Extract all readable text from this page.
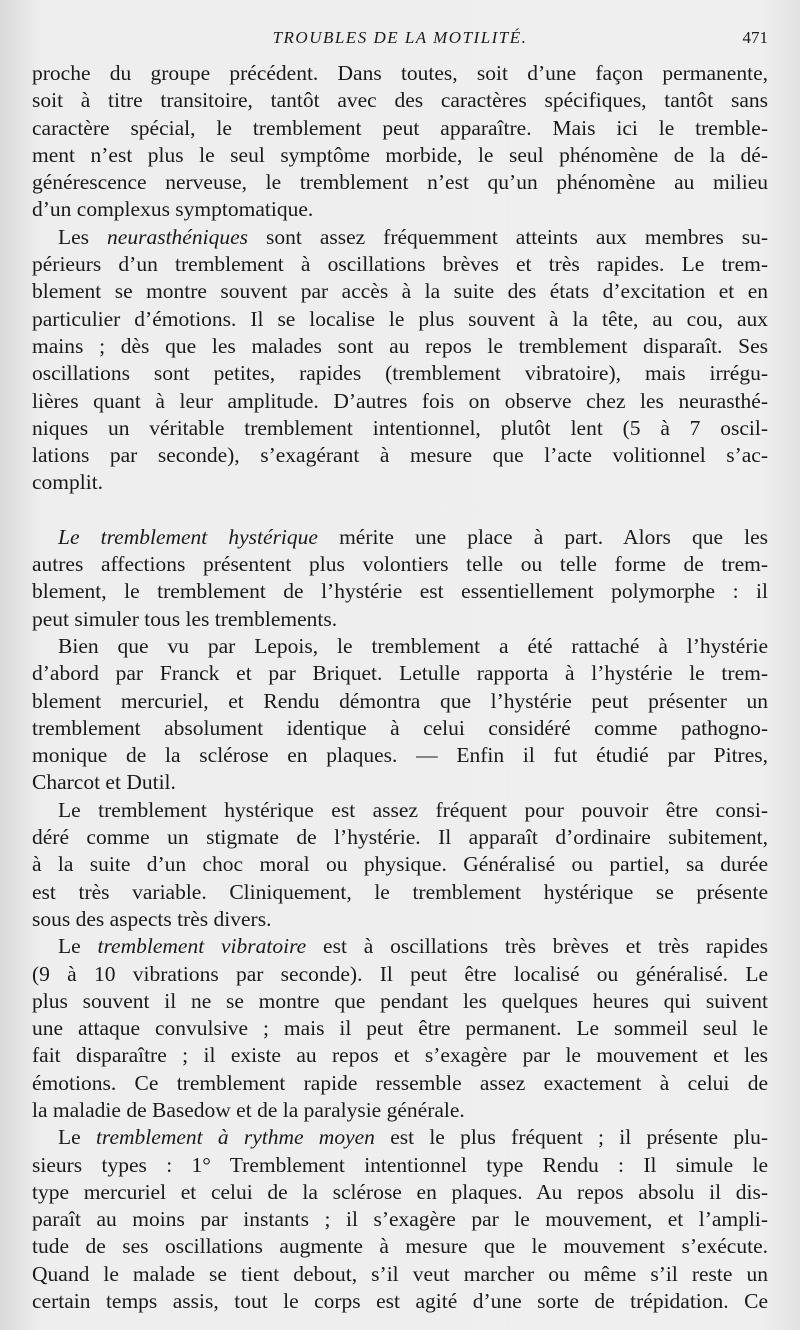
TROUBLES DE LA MOTILITÉ.	471
proche du groupe précédent. Dans toutes, soit d’une façon permanente,
soit à titre transitoire, tantôt avec des caractères spécifiques, tantôt sans
caractère spécial, le tremblement peut apparaître. Mais ici le tremble-
ment n’est plus le seul symptôme morbide, le seul phénomène de la dé-
générescence nerveuse, le tremblement n’est qu’un phénomène au milieu
d’un complexus symptomatique.
Les neurasthéniques sont assez fréquemment atteints aux membres su-
périeurs d’un tremblement à oscillations brèves et très rapides. Le trem-
blement se montre souvent par accès à la suite des états d’excitation et en
particulier d’émotions. Il se localise le plus souvent à la tête, au cou, aux
mains ; dès que les malades sont au repos le tremblement disparaît. Ses
oscillations sont petites, rapides (tremblement vibratoire), mais irrégu-
lières quant à leur amplitude. D’autres fois on observe chez les neurasthé-
niques un véritable tremblement intentionnel, plutôt lent (5 à 7 oscil-
lations par seconde), s’exagérant à mesure que l’acte volitionnel s’ac-
complit.
Le tremblement hystérique mérite une place à part. Alors que les
autres affections présentent plus volontiers telle ou telle forme de trem-
blement, le tremblement de l’hystérie est essentiellement polymorphe : il
peut simuler tous les tremblements.
Bien que vu par Lepois, le tremblement a été rattaché à l’hystérie
d’abord par Franck et par Briquet. Letulle rapporta à l’hystérie le trem-
blement mercuriel, et Rendu démontra que l’hystérie peut présenter un
tremblement absolument identique à celui considéré comme pathogno-
monique de la sclérose en plaques. — Enfin il fut étudié par Pitres,
Charcot et Dutil.
Le tremblement hystérique est assez fréquent pour pouvoir être consi-
déré comme un stigmate de l’hystérie. Il apparaît d’ordinaire subitement,
à la suite d’un choc moral ou physique. Généralisé ou partiel, sa durée
est très variable. Cliniquement, le tremblement hystérique se présente
sous des aspects très divers.
Le tremblement vibratoire est à oscillations très brèves et très rapides
(9 à 10 vibrations par seconde). Il peut être localisé ou généralisé. Le
plus souvent il ne se montre que pendant les quelques heures qui suivent
une attaque convulsive ; mais il peut être permanent. Le sommeil seul le
fait disparaître ; il existe au repos et s’exagère par le mouvement et les
émotions. Ce tremblement rapide ressemble assez exactement à celui de
la maladie de Basedow et de la paralysie générale.
Le tremblement à rythme moyen est le plus fréquent ; il présente plu-
sieurs types : 1° Tremblement intentionnel type Rendu : Il simule le
type mercuriel et celui de la sclérose en plaques. Au repos absolu il dis-
paraît au moins par instants ; il s’exagère par le mouvement, et l’ampli-
tude de ses oscillations augmente à mesure que le mouvement s’exécute.
Quand le malade se tient debout, s’il veut marcher ou même s’il reste un
certain temps assis, tout le corps est agité d’une sorte de trépidation. Ce
